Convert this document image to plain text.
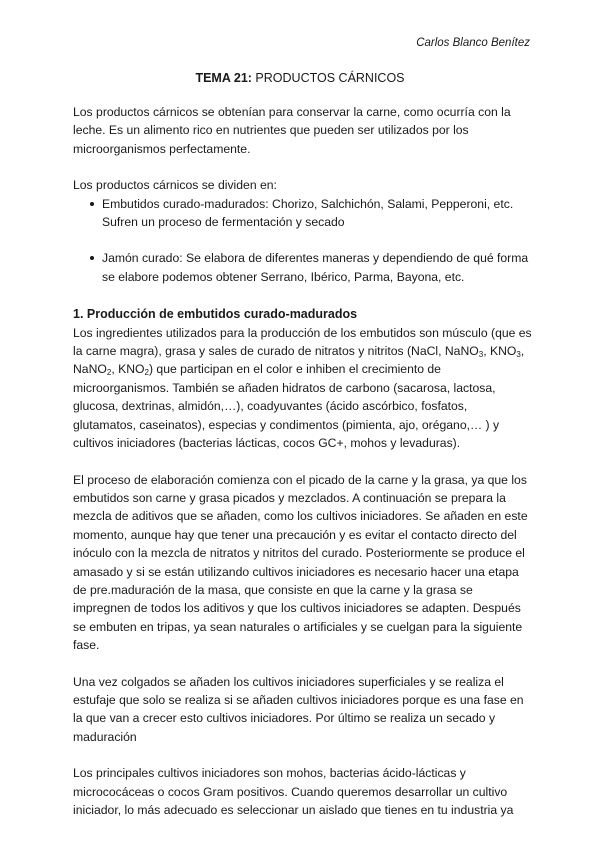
Carlos Blanco Benítez
TEMA 21: PRODUCTOS CÁRNICOS

Los productos cárnicos se obtenían para conservar la carne, como ocurría con la leche. Es un alimento rico en nutrientes que pueden ser utilizados por los microorganismos perfectamente.

Los productos cárnicos se dividen en:

Embutidos curado-madurados: Chorizo, Salchichón, Salami, Pepperoni, etc. Sufren un proceso de fermentación y secado
Jamón curado: Se elabora de diferentes maneras y dependiendo de qué forma se elabore podemos obtener Serrano, Ibérico, Parma, Bayona, etc.

1. Producción de embutidos curado-madurados

Los ingredientes utilizados para la producción de los embutidos son músculo (que es la carne magra), grasa y sales de curado de nitratos y nitritos (NaCl, NaNO$_3$, $KNO_3$, NaNO$_2$, $KNO_2$) que participan en el color e inhiben el crecimiento de microorganismos. También se añaden hidratos de carbono (sacarosa, lactosa, glucosa, dextrinas, almidón,…), coadyuvantes (ácido ascórbico, fosfatos, glutamatos, caseinatos), especias y condimentos (pimienta, ajo, orégano,… ) y cultivos iniciadores (bacterias lácticas, cocos GC+, mohos y levaduras).

El proceso de elaboración comienza con el picado de la carne y la grasa, ya que los embutidos son carne y grasa picados y mezclados. A continuación se prepara la mezcla de aditivos que se añaden, como los cultivos iniciadores. Se añaden en este momento, aunque hay que tener una precaución y es evitar el contacto directo del inóculo con la mezcla de nitratos y nitritos del curado. Posteriormente se produce el amasado y si se están utilizando cultivos iniciadores es necesario hacer una etapa de pre.maduración de la masa, que consiste en que la carne y la grasa se impregnen de todos los aditivos y que los cultivos iniciadores se adapten. Después se embuten en tripas, ya sean naturales o artificiales y se cuelgan para la siguiente fase.

Una vez colgados se añaden los cultivos iniciadores superficiales y se realiza el estufaje que solo se realiza si se añaden cultivos iniciadores porque es una fase en la que van a crecer esto cultivos iniciadores. Por último se realiza un secado y maduración

Los principales cultivos iniciadores son mohos, bacterias ácido-lácticas y micrococáceas o cocos Gram positivos. Cuando queremos desarrollar un cultivo iniciador, lo más adecuado es seleccionar un aislado que tienes en tu industria ya
